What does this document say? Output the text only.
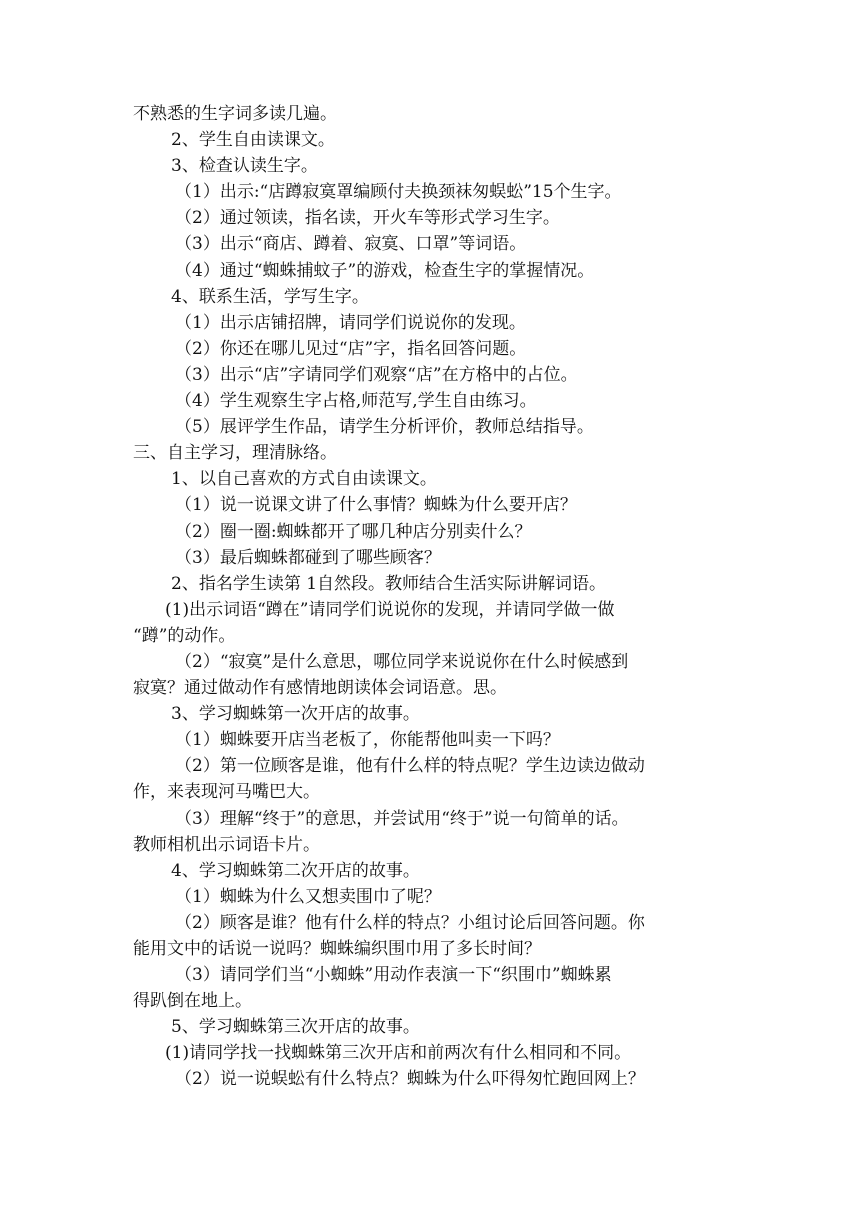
不熟悉的生字词多读几遍。
2、学生自由读课文。
3、检查认读生字。
（1）出示:“店蹲寂寞罩编顾付夫换颈袜匆蜈蚣”15个生字。
（2）通过领读，指名读，开火车等形式学习生字。
（3）出示“商店、蹲着、寂寞、口罩”等词语。
（4）通过“蜘蛛捕蚊子”的游戏，检查生字的掌握情况。
4、联系生活，学写生字。
（1）出示店铺招牌，请同学们说说你的发现。
（2）你还在哪儿见过“店”字，指名回答问题。
（3）出示“店”字请同学们观察“店”在方格中的占位。
（4）学生观察生字占格,师范写,学生自由练习。
（5）展评学生作品，请学生分析评价，教师总结指导。
三、自主学习，理清脉络。
1、以自己喜欢的方式自由读课文。
（1）说一说课文讲了什么事情？蜘蛛为什么要开店？
（2）圈一圈:蜘蛛都开了哪几种店分别卖什么？
（3）最后蜘蛛都碰到了哪些顾客？
2、指名学生读第 1自然段。教师结合生活实际讲解词语。
(1)出示词语“蹲在”请同学们说说你的发现，并请同学做一做
“蹲”的动作。
（2）“寂寞”是什么意思，哪位同学来说说你在什么时候感到
寂寞？通过做动作有感情地朗读体会词语意。思。
3、学习蜘蛛第一次开店的故事。
（1）蜘蛛要开店当老板了，你能帮他叫卖一下吗？
（2）第一位顾客是谁，他有什么样的特点呢？学生边读边做动
作，来表现河马嘴巴大。
（3）理解“终于”的意思，并尝试用“终于”说一句简单的话。
教师相机出示词语卡片。
4、学习蜘蛛第二次开店的故事。
（1）蜘蛛为什么又想卖围巾了呢？
（2）顾客是谁？他有什么样的特点？小组讨论后回答问题。你
能用文中的话说一说吗？蜘蛛编织围巾用了多长时间？
（3）请同学们当“小蜘蛛”用动作表演一下“织围巾”蜘蛛累
得趴倒在地上。
5、学习蜘蛛第三次开店的故事。
(1)请同学找一找蜘蛛第三次开店和前两次有什么相同和不同。
（2）说一说蜈蚣有什么特点？蜘蛛为什么吓得匆忙跑回网上？
